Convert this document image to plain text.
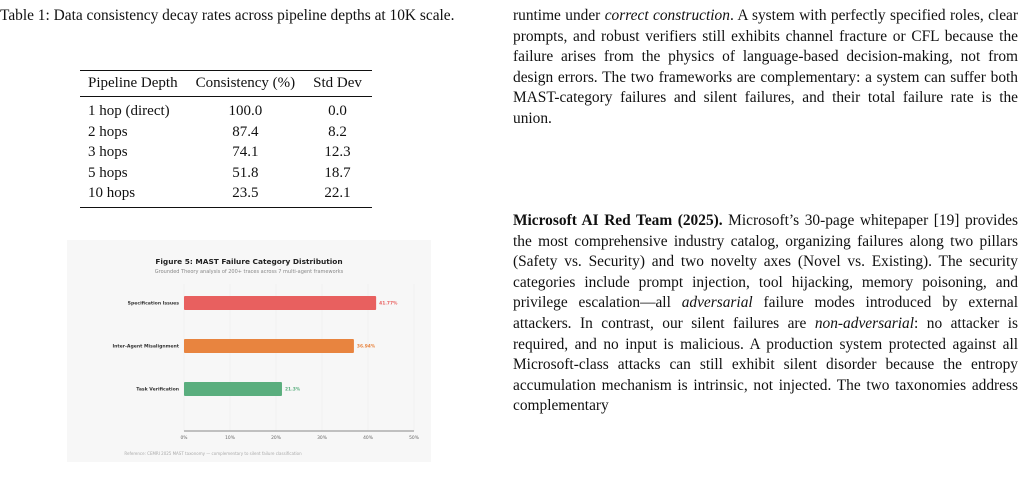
Table 1: Data consistency decay rates across pipeline depths at 10K scale.

Pipeline Depth	Consistency (%)	Std Dev
1 hop (direct)	100.0	0.0
2 hops	87.4	8.2
3 hops	74.1	12.3
5 hops	51.8	18.7
10 hops	23.5	22.1
Figure 5: MAST Failure Category Distribution
Grounded Theory analysis of 200+ traces across 7 multi-agent frameworks
0%	10%	20%	30%	40%	50%
Specification Issues	41.77%
Inter-Agent Misalignment	36.94%
Task Verification	21.3%
Reference: CEMRI 2025 MAST taxonomy — complementary to silent failure classification

runtime under correct construction. A system with perfectly specified roles, clear prompts, and robust verifiers still exhibits channel fracture or CFL because the failure arises from the physics of language-based decision-making, not from design errors. The two frameworks are complementary: a system can suffer both MAST-category failures and silent failures, and their total failure rate is the union.

Microsoft AI Red Team (2025). Microsoft’s 30-page whitepaper [19] provides the most comprehensive industry catalog, organizing failures along two pillars (Safety vs. Security) and two novelty axes (Novel vs. Existing). The security categories include prompt injection, tool hijacking, memory poisoning, and privilege escalation—all adversarial failure modes introduced by external attackers. In contrast, our silent failures are non-adversarial: no attacker is required, and no input is malicious. A production system protected against all Microsoft-class attacks can still exhibit silent disorder because the entropy accumulation mechanism is intrinsic, not injected. The two taxonomies address complementary
